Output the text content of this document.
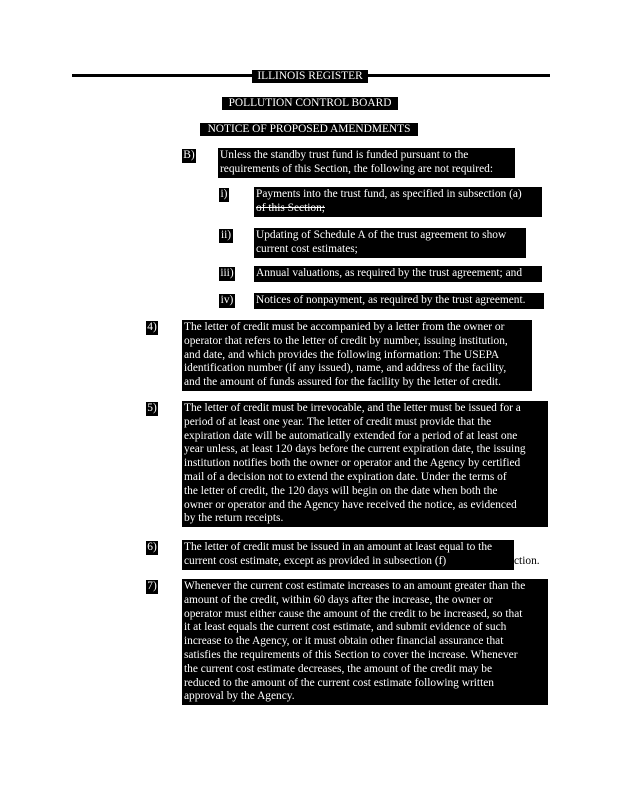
ILLINOIS REGISTER
POLLUTION CONTROL BOARD
NOTICE OF PROPOSED AMENDMENTS
B) Unless the standby trust fund is funded pursuant to the
requirements of this Section, the following are not required:
i)	Payments into the trust fund, as specified in subsection (a)
of this Section;
ii) Updating of Schedule A of the trust agreement to show
current cost estimates;
iii) Annual valuations, as required by the trust agreement; and
iv) Notices of nonpayment, as required by the trust agreement.
4) The letter of credit must be accompanied by a letter from the owner or
operator that refers to the letter of credit by number, issuing institution,
and date, and which provides the following information: The USEPA
identification number (if any issued), name, and address of the facility,
and the amount of funds assured for the facility by the letter of credit.
5) The letter of credit must be irrevocable, and the letter must be issued for a
period of at least one year. The letter of credit must provide that the
expiration date will be automatically extended for a period of at least one
year unless, at least 120 days before the current expiration date, the issuing
institution notifies both the owner or operator and the Agency by certified
mail of a decision not to extend the expiration date. Under the terms of
the letter of credit, the 120 days will begin on the date when both the
owner or operator and the Agency have received the notice, as evidenced
by the return receipts.
6) The letter of credit must be issued in an amount at least equal to the
current cost estimate, except as provided in subsection (f)	ction.
7) Whenever the current cost estimate increases to an amount greater than the
amount of the credit, within 60 days after the increase, the owner or
operator must either cause the amount of the credit to be increased, so that
it at least equals the current cost estimate, and submit evidence of such
increase to the Agency, or it must obtain other financial assurance that
satisfies the requirements of this Section to cover the increase. Whenever
the current cost estimate decreases, the amount of the credit may be
reduced to the amount of the current cost estimate following written
approval by the Agency.
